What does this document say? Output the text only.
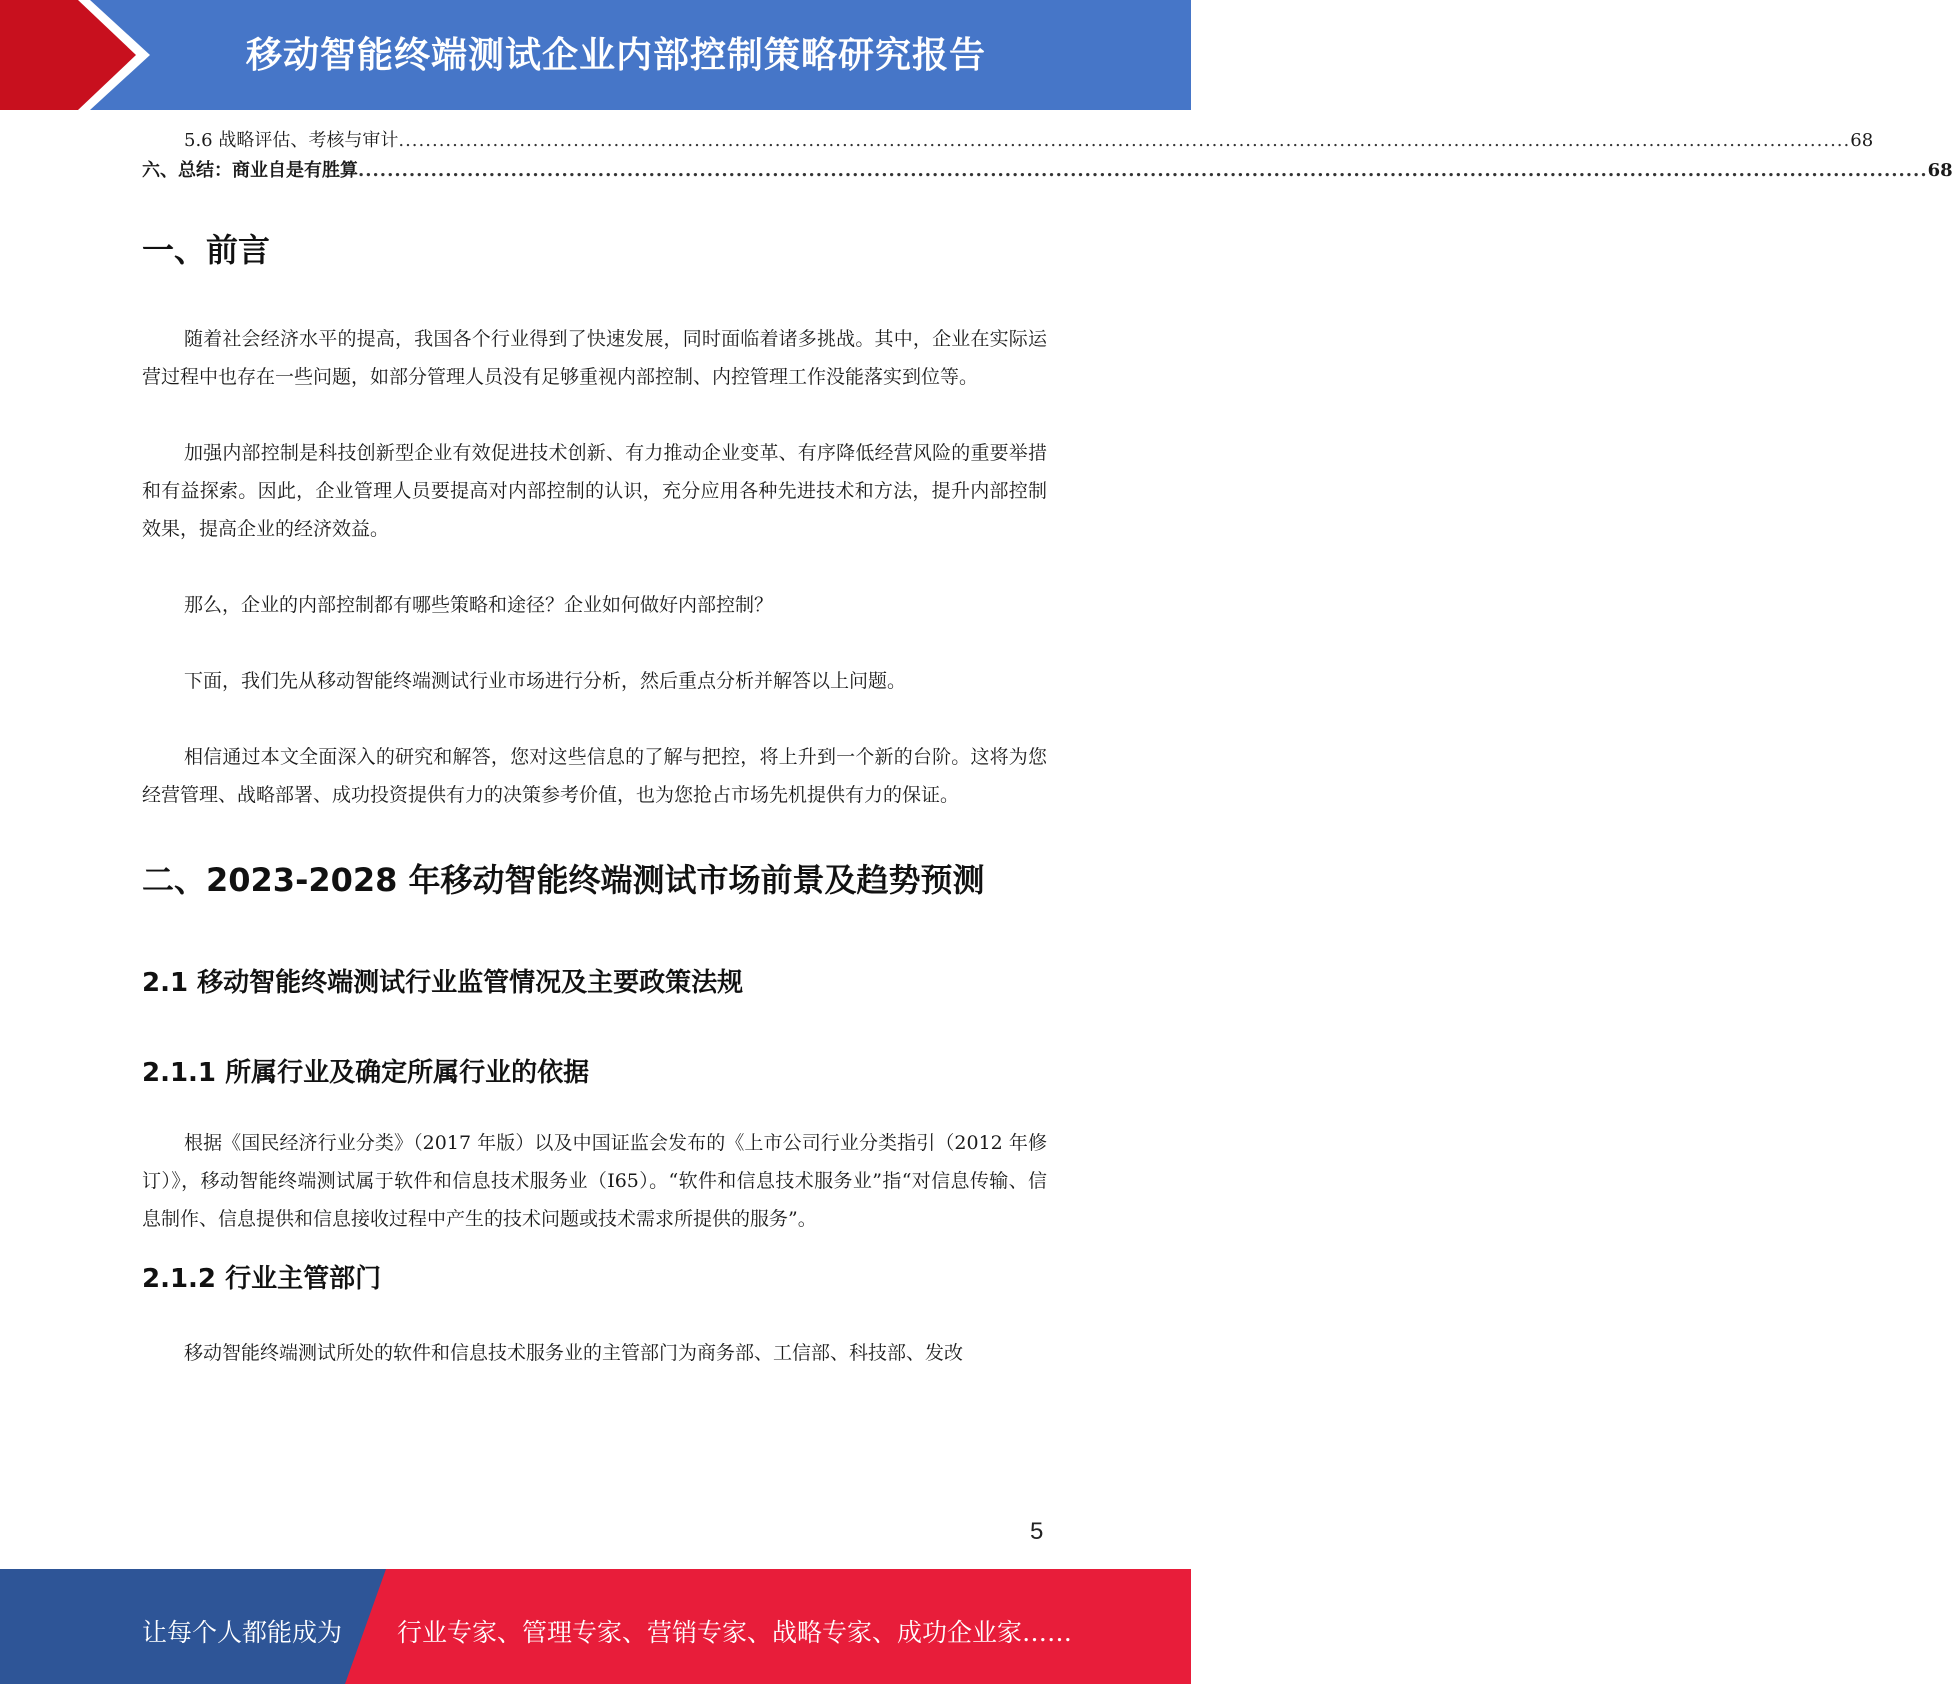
移动智能终端测试企业内部控制策略研究报告
5.6 战略评估、考核与审计 ........................................................................................................................................................................................................................ 68
六、总结：商业自是有胜算 ........................................................................................................................................................................................................................ 68
一、前言

随着社会经济水平的提高，我国各个行业得到了快速发展，同时面临着诸多挑战。其中，企业在实际运营过程中也存在一些问题，如部分管理人员没有足够重视内部控制、内控管理工作没能落实到位等。

加强内部控制是科技创新型企业有效促进技术创新、有力推动企业变革、有序降低经营风险的重要举措和有益探索。因此，企业管理人员要提高对内部控制的认识，充分应用各种先进技术和方法，提升内部控制效果，提高企业的经济效益。

那么，企业的内部控制都有哪些策略和途径？企业如何做好内部控制？

下面，我们先从移动智能终端测试行业市场进行分析，然后重点分析并解答以上问题。

相信通过本文全面深入的研究和解答，您对这些信息的了解与把控，将上升到一个新的台阶。这将为您经营管理、战略部署、成功投资提供有力的决策参考价值，也为您抢占市场先机提供有力的保证。

二、2023-2028 年移动智能终端测试市场前景及趋势预测
2.1 移动智能终端测试行业监管情况及主要政策法规
2.1.1 所属行业及确定所属行业的依据

根据《国民经济行业分类》（2017 年版）以及中国证监会发布的《上市公司行业分类指引（2012 年修订）》，移动智能终端测试属于软件和信息技术服务业（I65）。“软件和信息技术服务业”指“对信息传输、信息制作、信息提供和信息接收过程中产生的技术问题或技术需求所提供的服务”。

2.1.2 行业主管部门

移动智能终端测试所处的软件和信息技术服务业的主管部门为商务部、工信部、科技部、发改

5
让每个人都能成为 行业专家、管理专家、营销专家、战略专家、成功企业家……
